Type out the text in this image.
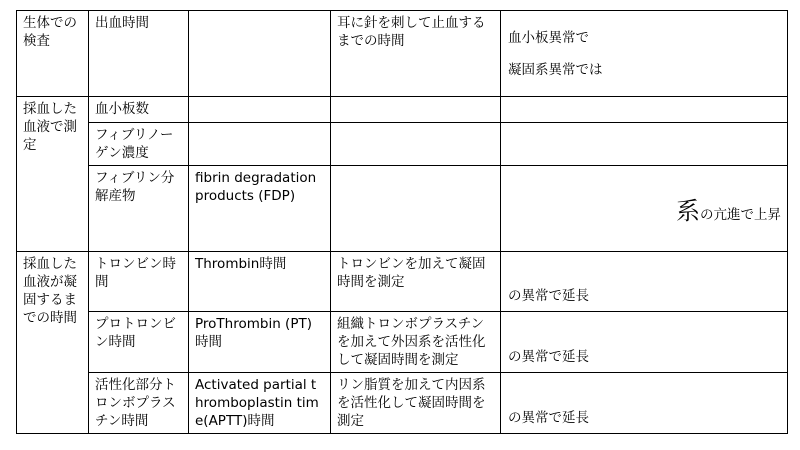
生体での検査	出血時間		耳に針を刺して止血するまでの時間	血小板異常で
凝固系異常では

採血した血液で測定	血小板数			
	フィブリノーゲン濃度			
	フィブリン分解産物	fibrin degradation products (FDP)		系の亢進で上昇

採血した血液が凝固するまでの時間	トロンビン時間	Thrombin時間	トロンビンを加えて凝固時間を測定	の異常で延長

	プロトロンビン時間	ProThrombin (PT)時間	組織トロンボプラスチンを加えて外因系を活性化して凝固時間を測定	の異常で延長

	活性化部分トロンボプラスチン時間	Activated partial thromboplastin time(APTT)時間	リン脂質を加えて内因系を活性化して凝固時間を測定	の異常で延長
